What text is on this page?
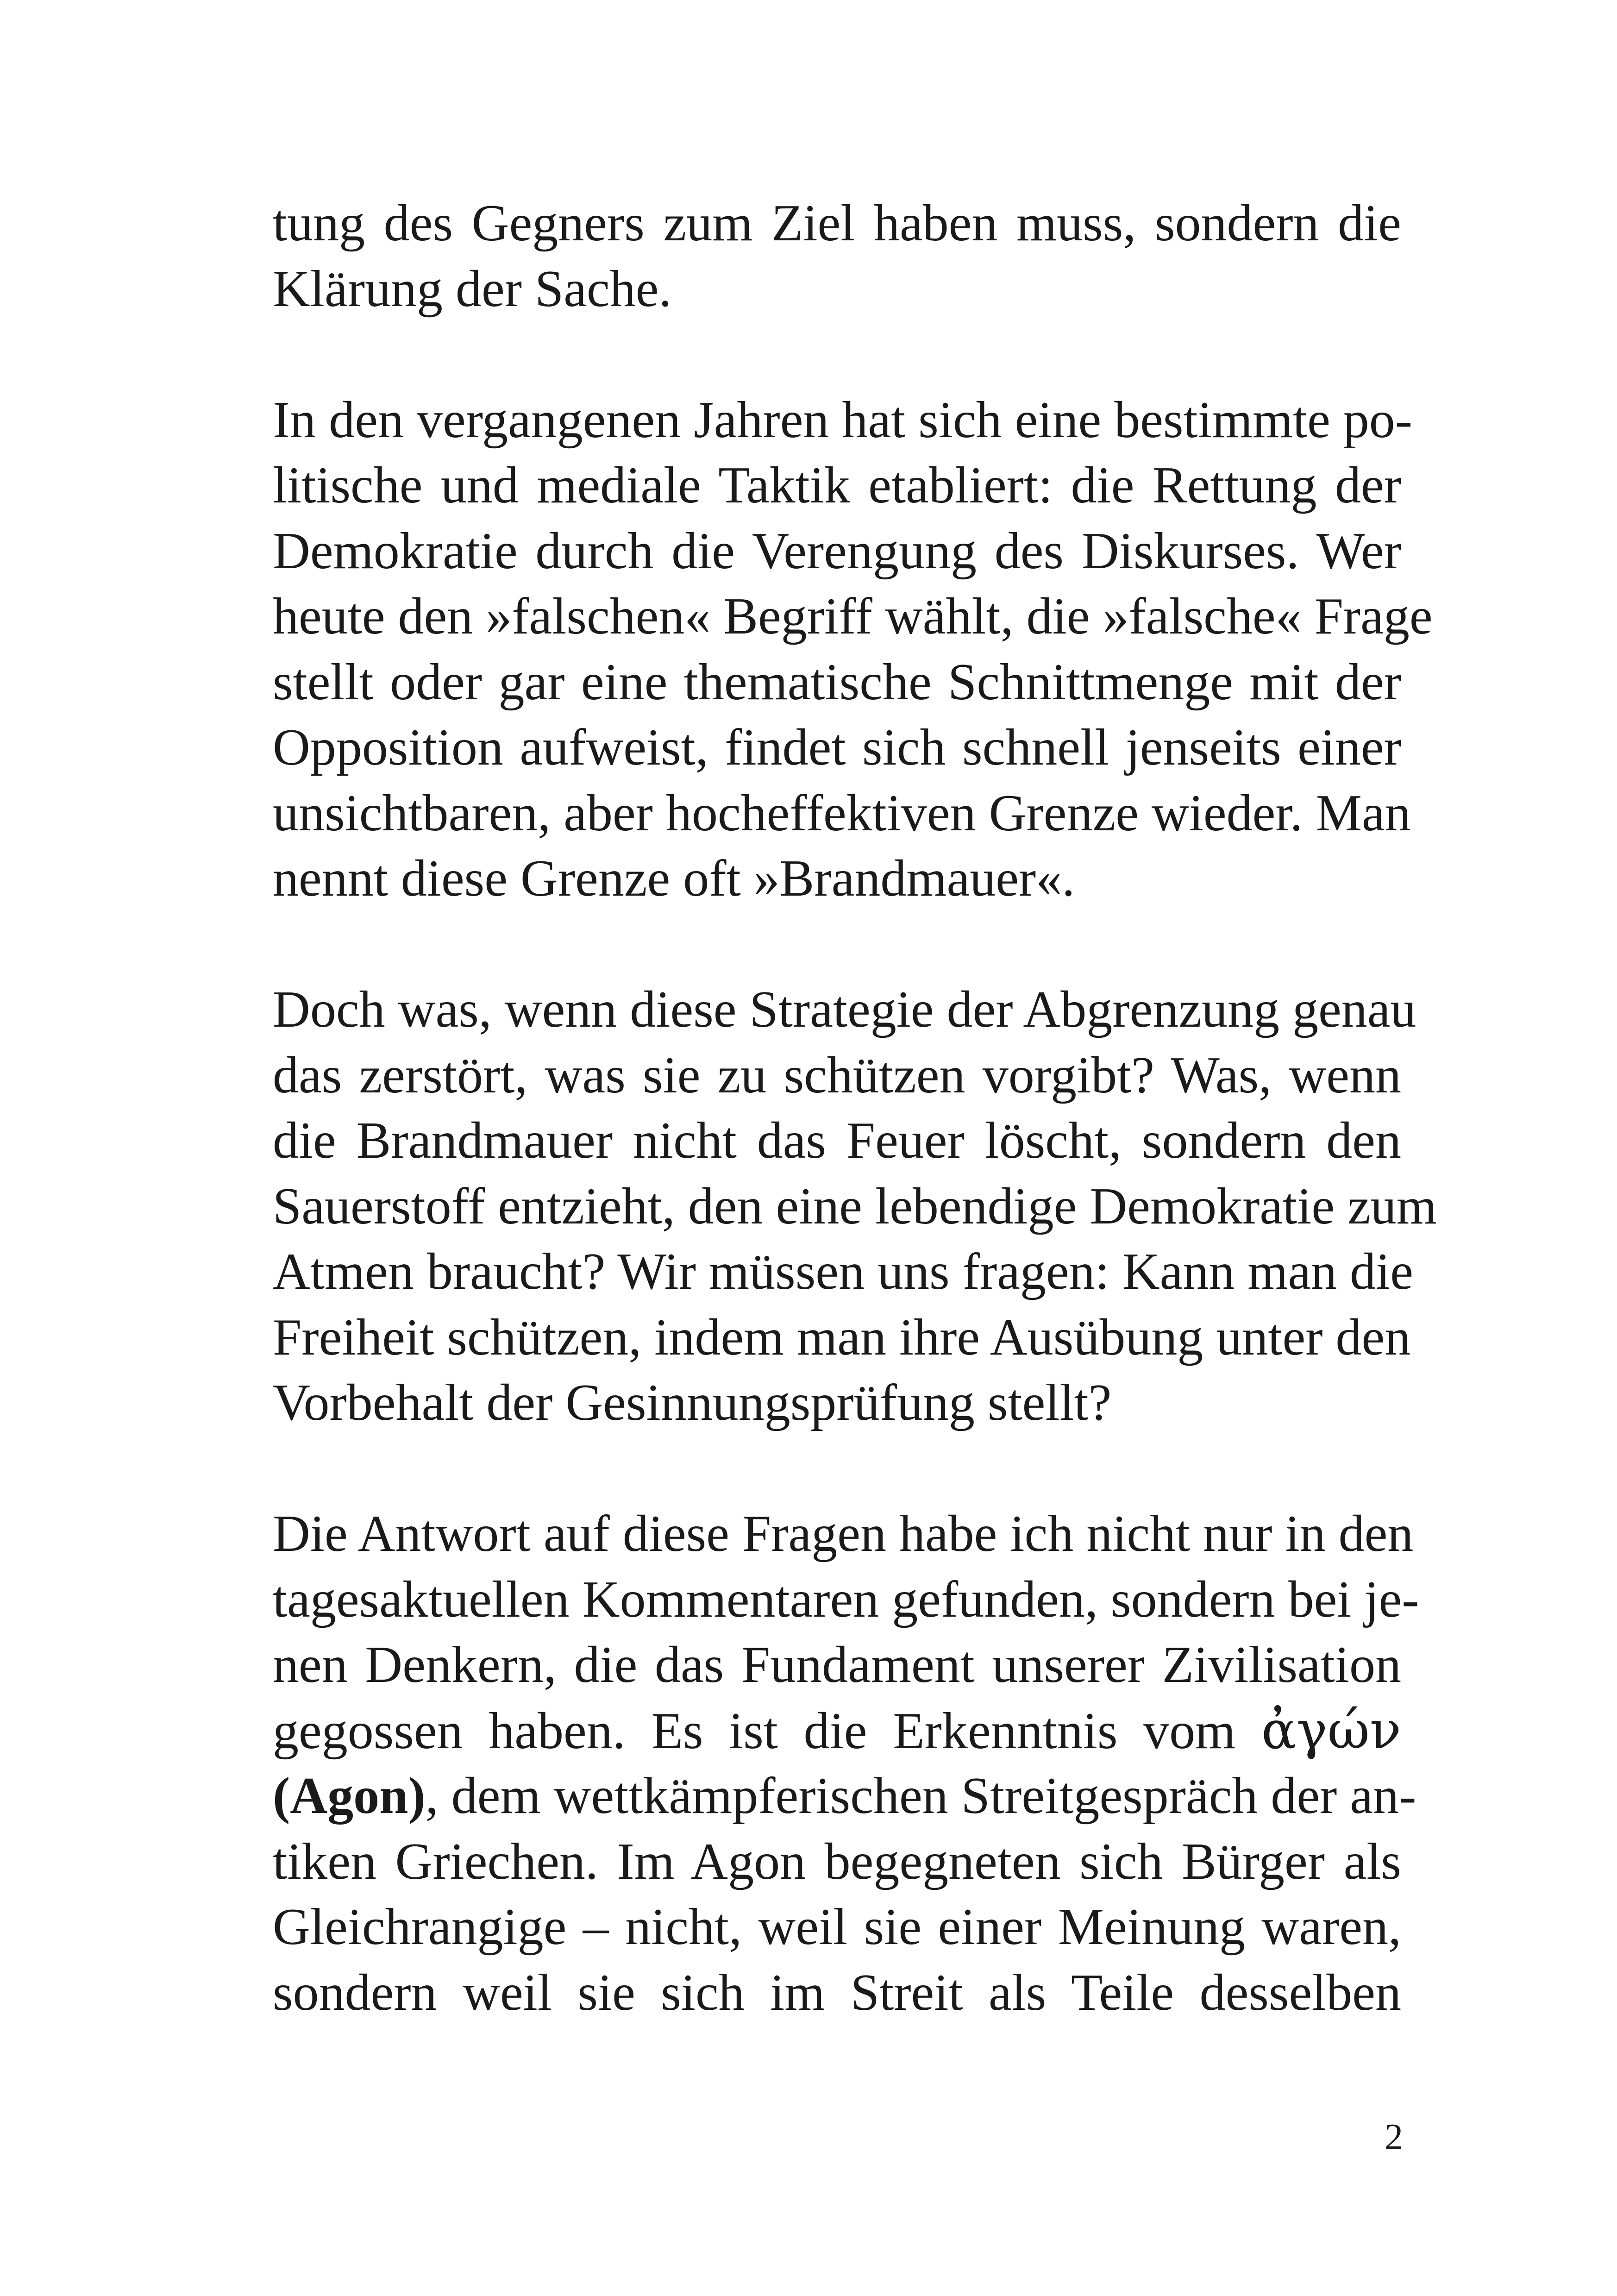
tung des Gegners zum Ziel haben muss, sondern die
Klärung der Sache.
In den vergangenen Jahren hat sich eine bestimmte po-
litische und mediale Taktik etabliert: die Rettung der
Demokratie durch die Verengung des Diskurses. Wer
heute den »falschen« Begriff wählt, die »falsche« Frage
stellt oder gar eine thematische Schnittmenge mit der
Opposition aufweist, findet sich schnell jenseits einer
unsichtbaren, aber hocheffektiven Grenze wieder. Man
nennt diese Grenze oft »Brandmauer«.
Doch was, wenn diese Strategie der Abgrenzung genau
das zerstört, was sie zu schützen vorgibt? Was, wenn
die Brandmauer nicht das Feuer löscht, sondern den
Sauerstoff entzieht, den eine lebendige Demokratie zum
Atmen braucht? Wir müssen uns fragen: Kann man die
Freiheit schützen, indem man ihre Ausübung unter den
Vorbehalt der Gesinnungsprüfung stellt?
Die Antwort auf diese Fragen habe ich nicht nur in den
tagesaktuellen Kommentaren gefunden, sondern bei je-
nen Denkern, die das Fundament unserer Zivilisation
gegossen haben. Es ist die Erkenntnis vom ἀγών
(Agon), dem wettkämpferischen Streitgespräch der an-
tiken Griechen. Im Agon begegneten sich Bürger als
Gleichrangige – nicht, weil sie einer Meinung waren,
sondern weil sie sich im Streit als Teile desselben
2
